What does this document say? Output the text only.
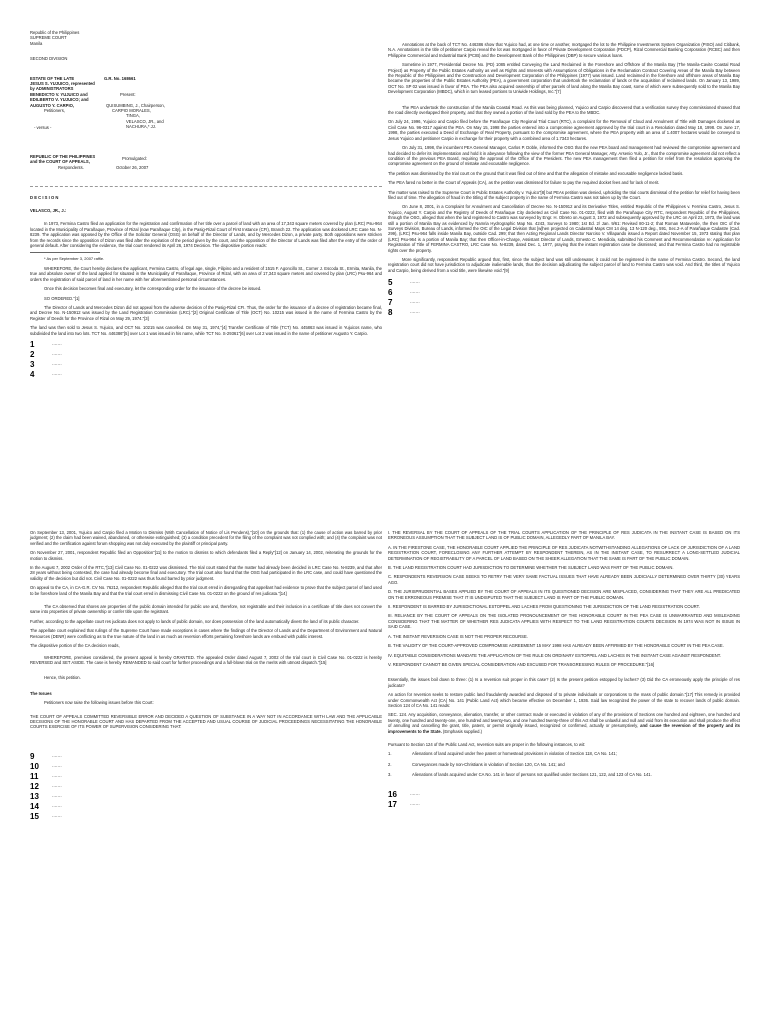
Republic of the Philippines
SUPREME COURT
Manila
SECOND DIVISION
ESTATE OF THE LATE
JESUS S. YUJUICO, represented
by ADMINISTRATORS
BENEDICTO V. YUJUICO and
EDILBERTO V. YUJUICO; and
AUGUSTO Y. CARPIO,
G.R. No. 168661
Present:
QUISUMBING, J., Chairperson,
CARPIO MORALES,
TINGA,
VELASCO, JR., and
NACHURA,* JJ.
Petitioners,
- versus -
REPUBLIC OF THE PHILIPPINES
and the COURT OF APPEALS,
Respondents.
Promulgated:
October 26, 2007
D E C I S I O N
VELASCO, JR., J.:

In 1973, Fermina Castro filed an application for the registration and confirmation of her title over a parcel of land with an area of 17,343 square meters covered by plan (LRC) Psu-964 located in the Municipality of Parañaque, Province of Rizal (now Parañaque City), in the Pasig-Rizal Court of First Instance (CFI), Branch 22. The application was docketed LRC Case No. N-8239. The application was opposed by the Office of the Solicitor General (OSG) on behalf of the Director of Lands, and by Mercedes Dizon, a private party. Both oppositions were stricken from the records since the opposition of Dizon was filed after the expiration of the period given by the court, and the opposition of the Director of Lands was filed after the entry of the order of general default. After considering the evidence, the trial court rendered its April 26, 1974 Decision. The dispositive portion reads:

* As per September 3, 2007 raffle.

WHEREFORE, the Court hereby declares the applicant, Fermina Castro, of legal age, single, Filipino and a resident of 1515 F. Agoncillo St., Corner J. Escoda St., Ermita, Manila, the true and absolute owner of the land applied for situated in the Municipality of Parañaque, Province of Rizal, with an area of 17,343 square meters and covered by plan (LRC) Psu-964 and orders the registration of said parcel of land in her name with her aforementioned personal circumstances.

Once this decision becomes final and executory, let the corresponding order for the issuance of the decree be issued.

SO ORDERED."[1]

The Director of Lands and Mercedes Dizon did not appeal from the adverse decision of the Pasig-Rizal CFI. Thus, the order for the issuance of a decree of registration became final, and Decree No. N-150912 was issued by the Land Registration Commission (LRC)."[2] Original Certificate of Title (OCT) No. 10215 was issued in the name of Fermina Castro by the Register of Deeds for the Province of Rizal on May 29, 1974."[3]

The land was then sold to Jesus S. Yujuico, and OCT No. 10215 was cancelled. On May 31, 1974,"[4] Transfer Certificate of Title (TCT) No. 445863 was issued in Yujuicos name, who subdivided the land into two lots. TCT No. 446386"[5] over Lot 1 was issued in his name, while TCT No. S-29361"[6] over Lot 2 was issued in the name of petitioner Augusto Y. Carpio.

1	.......
2	.......
3	.......
4	.......

Annotations at the back of TCT No. 446386 show that Yujuico had, at one time or another, mortgaged the lot to the Philippine Investments System Organization (PISO) and Citibank, N.A. Annotations in the title of petitioner Carpio reveal the lot was mortgaged in favor of Private Development Corporation (PDCP), Rizal Commercial Banking Corporation (RCBC) and then Philippine Commercial and Industrial Bank (PCIB) and the Development Bank of the Philippines (DBP) to secure various loans.

Sometime in 1977, Presidential Decree No. (PD) 1085 entitled Conveying the Land Reclaimed in the Foreshore and Offshore of the Manila Bay (The Manila-Cavite Coastal Road Project) as Property of the Public Estates Authority as well as Rights and Interests with Assumptions of Obligations in the Reclamation Contract Covering Areas of the Manila Bay between the Republic of the Philippines and the Construction and Development Corporation of the Philippines (1977) was issued. Land reclaimed in the foreshore and offshore areas of Manila Bay became the properties of the Public Estates Authority (PEA), a government corporation that undertook the reclamation of lands or the acquisition of reclaimed lands. On January 13, 1989, OCT No. SP 02 was issued in favor of PEA. The PEA also acquired ownership of other parcels of land along the Manila Bay coast, some of which were subsequently sold to the Manila Bay Development Corporation (MBDC), which in turn leased portions to Uniwide Holdings, Inc."[7]

The PEA undertook the construction of the Manila Coastal Road. As this was being planned, Yujuico and Carpio discovered that a verification survey they commissioned showed that the road directly overlapped their property, and that they owned a portion of the land sold by the PEA to the MBDC.

On July 24, 1996, Yujuico and Carpio filed before the Parañaque City Regional Trial Court (RTC), a complaint for the Removal of Cloud and Annulment of Title with Damages docketed as Civil Case No. 96-0317 against the PEA. On May 15, 1998 the parties entered into a compromise agreement approved by the trial court in a Resolution dated May 18, 1998. On June 17, 1998, the parties executed a Deed of Exchange of Real Property, pursuant to the compromise agreement, where the PEA property with an area of 1.4007 hectares would be conveyed to Jesus Yujuico and petitioner Carpio in exchange for their property with a combined area of 1.7343 hectares.

On July 31, 1998, the incumbent PEA General Manager, Carlos P. Doble, informed the OSG that the new PEA board and management had reviewed the compromise agreement and had decided to defer its implementation and hold it in abeyance following the view of the former PEA General Manager, Atty. Arsenio Yulo, Jr., that the compromise agreement did not reflect a condition of the previous PEA Board, requiring the approval of the Office of the President. The new PEA management then filed a petition for relief from the resolution approving the compromise agreement on the ground of mistake and excusable negligence.

The petition was dismissed by the trial court on the ground that it was filed out of time and that the allegation of mistake and excusable negligence lacked basis.

The PEA fared no better in the Court of Appeals (CA), as the petition was dismissed for failure to pay the required docket fees and for lack of merit.

The matter was raised to the Supreme Court in Public Estates Authority v. Yujuico"[8] but PEAs petition was denied, upholding the trial courts dismissal of the petition for relief for having been filed out of time. The allegation of fraud in the titling of the subject property in the name of Fermina Castro was not taken up by the Court.

On June 8, 2001, in a Complaint for Annulment and Cancellation of Decree No. N-150912 and its Derivative Titles, entitled Republic of the Philippines v. Fermina Castro, Jesus S. Yujuico, August Y. Carpio and the Registry of Deeds of Parañaque City docketed as Civil Case No. 01-0222, filed with the Parañaque City RTC, respondent Republic of the Philippines, through the OSG, alleged that when the land registered to Castro was surveyed by Engr. H. Obreto on August 3, 1972 and subsequently approved by the LRC on April 23, 1973, the land was still a portion of Manila Bay as evidenced by Namria Hydrographic Map No. 4243, Surveys to 1980; 1st Ed. 2/ Jan. 9/61: Revised 80-11-2; that Roman Mataverde, the then OIC of the Surveys Division, Bureau of Lands, informed the OIC of the Legal Division that [w]hen projected on Cadastral Maps CM 14 deg. 13 N-120 deg., 591, Sec.2-A of Parañaque Cadastre (Cad. 299), (LRC) Psu-964 falls inside Manila Bay, outside Cad. 299; that then Acting Regional Lands Director Narciso V. Villapando issued a Report dated November 15, 1973 stating that plan (LRC) Psu-964 is a portion of Manila Bay; that then Officer-in-Charge, Assistant Director of Lands, Ernesto C. Mendiola, submitted his Comment and Recommendation re: Application for Registration of Title of FERMINA CASTRO, LRC Case No. N-8239, dated Dec. 1, 1977, praying that the instant registration case be dismissed; and that Fermina Castro had no registrable rights over the property.

More significantly, respondent Republic argued that, first, since the subject land was still underwater, it could not be registered in the name of Fermina Castro. Second, the land registration court did not have jurisdiction to adjudicate inalienable lands, thus the decision adjudicating the subject parcel of land to Fermina Castro was void. And third, the titles of Yujuico and Carpio, being derived from a void title, were likewise void."[9]

5	.......
6	.......
7	.......
8	.......

On September 13, 2001, Yujuico and Carpio filed a Motion to Dismiss (With Cancellation of Notice of Lis Pendens),"[10] on the grounds that: (1) the cause of action was barred by prior judgment; (2) the claim had been waived, abandoned, or otherwise extinguished; (3) a condition precedent for the filing of the complaint was not complied with; and (4) the complaint was not verified and the certification against forum shopping was not duly executed by the plaintiff or principal party.

On November 27, 2001, respondent Republic filed an Opposition"[11] to the motion to dismiss to which defendants filed a Reply"[12] on January 14, 2002, reiterating the grounds for the motion to dismiss.

In the August 7, 2002 Order of the RTC,"[13] Civil Case No. 01-0222 was dismissed. The trial court stated that the matter had already been decided in LRC Case No. N-8239, and that after 28 years without being contested, the case had already become final and executory. The trial court also found that the OSG had participated in the LRC case, and could have questioned the validity of the decision but did not. Civil Case No. 01-0222 was thus found barred by prior judgment.

On appeal to the CA, in CA-G.R. CV No. 76212, respondent Republic alleged that the trial court erred in disregarding that appellant had evidence to prove that the subject parcel of land used to be foreshore land of the Manila Bay and that the trial court erred in dismissing Civil Case No. 01-0222 on the ground of res judicata."[14]

The CA observed that shores are properties of the public domain intended for public use and, therefore, not registrable and their inclusion in a certificate of title does not convert the same into properties of private ownership or confer title upon the registrant.

Further, according to the appellate court res judicata does not apply to lands of public domain, nor does possession of the land automatically divest the land of its public character.

The appellate court explained that rulings of the Supreme Court have made exceptions in cases where the findings of the Director of Lands and the Department of Environment and Natural Resources (DENR) were conflicting as to the true nature of the land in as much as reversion efforts pertaining foreshore lands are embued with public interest.

The dispositive portion of the CA decision reads,

WHEREFORE, premises considered, the present appeal is hereby GRANTED. The appealed Order dated August 7, 2002 of the trial court in Civil Case No. 01-0222 is hereby REVERSED and SET ASIDE. The case is hereby REMANDED to said court for further proceedings and a full-blown trial on the merits with utmost dispatch."[15]

Hence, this petition.

The Issues

Petitioners now raise the following issues before this Court:

THE COURT OF APPEALS COMMITTED REVERSIBLE ERROR AND DECIDED A QUESTION OF SUBSTANCE IN A WAY NOT IN ACCORDANCE WITH LAW AND THE APPLICABLE DECISIONS OF THE HONORABLE COURT AND HAS DEPARTED FROM THE ACCEPTED AND USUAL COURSE OF JUDICIAL PROCEEDINGS NECESSITATING THE HONORABLE COURTS EXERCISE OF ITS POWER OF SUPERVISION CONSIDERING THAT:

9	.......
10	.......
11	.......
12	.......
13	.......
14	.......
15	.......

I. THE REVERSAL BY THE COURT OF APPEALS OF THE TRIAL COURTS APPLICATION OF THE PRINCIPLE OF RES JUDICATA IN THE INSTANT CASE IS BASED ON ITS ERRONEOUS ASSUMPTION THAT THE SUBJECT LAND IS OF PUBLIC DOMAIN, ALLEGEDLY PART OF MANILA BAY.

A. IN THE FIRESTONE CASE, THE HONORABLE COURT APPLIED THE PRINCIPLE OF RES JUDICATA NOTWITHSTANDING ALLEGATIONS OF LACK OF JURISDICTION OF A LAND REGISTRATION COURT, FORECLOSING ANY FURTHER ATTEMPT BY RESPONDENT THEREIN, AS IN THE INSTANT CASE, TO RESURRECT A LONG-SETTLED JUDICIAL DETERMINATION OF REGISTRABILITY OF A PARCEL OF LAND BASED ON THE SHEER ALLEGATION THAT THE SAME IS PART OF THE PUBLIC DOMAIN.

B. THE LAND REGISTRATION COURT HAD JURISDICTION TO DETERMINE WHETHER THE SUBJECT LAND WAS PART OF THE PUBLIC DOMAIN.

C. RESPONDENTS REVERSION CASE SEEKS TO RETRY THE VERY SAME FACTUAL ISSUES THAT HAVE ALREADY BEEN JUDICIALLY DETERMINED OVER THIRTY (30) YEARS AGO.

D. THE JURISPRUDENTIAL BASES APPLIED BY THE COURT OF APPEALS IN ITS QUESTIONED DECISION ARE MISPLACED, CONSIDERING THAT THEY ARE ALL PREDICATED ON THE ERRONEOUS PREMISE THAT IT IS UNDISPUTED THAT THE SUBJECT LAND IS PART OF THE PUBLIC DOMAIN.

II. RESPONDENT IS BARRED BY JURISDICTIONAL ESTOPPEL AND LACHES FROM QUESTIONING THE JURISDICTION OF THE LAND REGISTRATION COURT.

III. RELIANCE BY THE COURT OF APPEALS ON THE ISOLATED PRONOUNCEMENT OF THE HONORABLE COURT IN THE PEA CASE IS UNWARRANTED AND MISLEADING CONSIDERING THAT THE MATTER OF WHETHER RES JUDICATA APPLIES WITH RESPECT TO THE LAND REGISTRATION COURTS DECISION IN 1974 WAS NOT IN ISSUE IN SAID CASE.

A. THE INSTANT REVERSION CASE IS NOT THE PROPER RECOURSE.

B. THE VALIDITY OF THE COURT-APPROVED COMPROMISE AGREEMENT 15 MAY 1998 HAS ALREADY BEEN AFFIRMED BY THE HONORABLE COURT IN THE PEA CASE.

IV. EQUITABLE CONSIDERATIONS MANDATE THE APPLICATION OF THE RULE ON ORDINARY ESTOPPEL AND LACHES IN THE INSTANT CASE AGAINST RESPONDENT.

V. RESPONDENT CANNOT BE GIVEN SPECIAL CONSIDERATION AND EXCUSED FOR TRANSGRESSING RULES OF PROCEDURE."[16]

Essentially, the issues boil down to three: (1) Is a reversion suit proper in this case? (2) Is the present petition estopped by laches? (3) Did the CA erroneously apply the principle of res judicata?

An action for reversion seeks to restore public land fraudulently awarded and disposed of to private individuals or corporations to the mass of public domain."[17] This remedy is provided under Commonwealth Act (CA) No. 141 (Public Land Act) which became effective on December 1, 1936. Said law recognized the power of the state to recover lands of public domain. Section 124 of CA No. 141 reads:

SEC. 124. Any acquisition, conveyance, alienation, transfer, or other contract made or executed in violation of any of the provisions of Sections one hundred and eighteen, one hundred and twenty, one hundred and twenty-one, one hundred and twenty-two, and one hundred twenty-three of this Act shall be unlawful and null and void from its execution and shall produce the effect of annulling and cancelling the grant, title, patent, or permit originally issued, recognized or confirmed, actually or presumptively, and cause the reversion of the property and its improvements to the State. (Emphasis supplied.)

Pursuant to Section 124 of the Public Land Act, reversion suits are proper in the following instances, to wit:

1.	Alienations of land acquired under free patent or homestead provisions in violation of Section 118, CA No. 141;
2.	Conveyances made by non-Christians in violation of Section 120, CA No. 141; and
3.	Alienations of lands acquired under CA No. 141 in favor of persons not qualified under Sections 121, 122, and 123 of CA No. 141.
16	.......
17	.......
